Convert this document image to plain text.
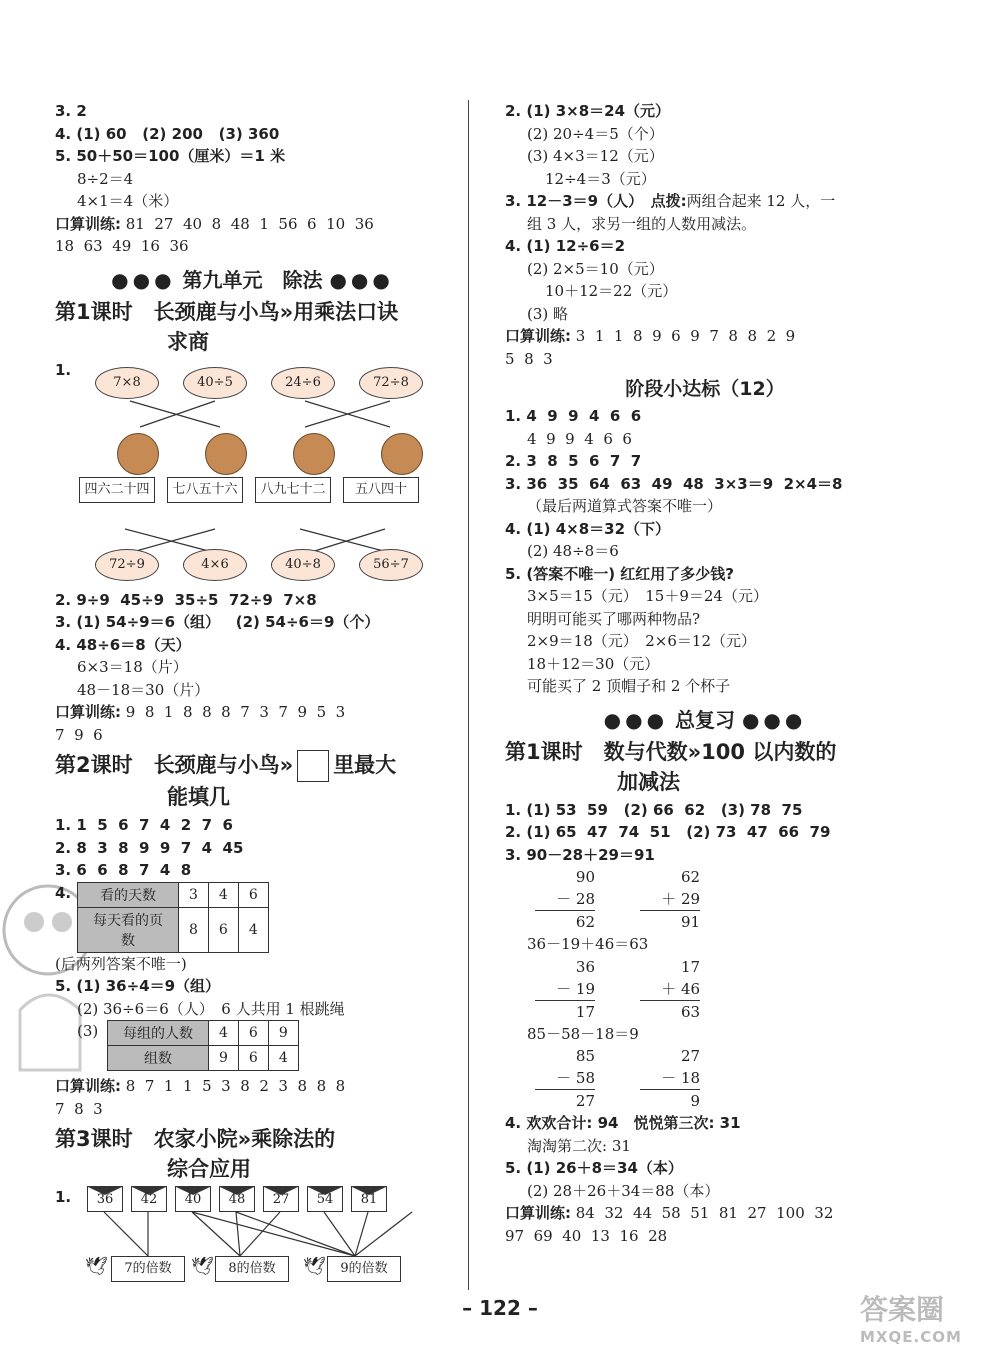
3. 2
4. (1) 60   (2) 200   (3) 360
5. 50＋50＝100（厘米）＝1 米
8÷2＝4
4×1＝4（米）
口算训练: 81  27  40  8  48  1  56  6  10  36
18  63  49  16  36
●●● 第九单元　除法 ●●●
第1课时　长颈鹿与小鸟»用乘法口诀
求商
1.
7×8	40÷5	24÷6	72÷8
四六二十四	七八五十六	八九七十二	五八四十
72÷9	4×6	40÷8	56÷7
2. 9÷9  45÷9  35÷5  72÷9  7×8
3. (1) 54÷9＝6（组）   (2) 54÷6＝9（个）
4. 48÷6＝8（天）
6×3＝18（片）
48－18＝30（片）
口算训练: 9  8  1  8  8  8  7  3  7  9  5  3
7  9  6
第2课时　长颈鹿与小鸟» 里最大
能填几
1. 1  5  6  7  4  2  7  6
2. 8  3  8  9  9  7  4  45
3. 6  6  8  7  4  8
4.	看的天数	3	4	6
每天看的页数	8	6	4
(后两列答案不唯一)
5. (1) 36÷4＝9（组）
(2) 36÷6＝6（人）　6 人共用 1 根跳绳
(3)	每组的人数	4	6	9
组数	9	6	4
口算训练: 8  7  1  1  5  3  8  2  3  8  8  8
7  8  3
第3课时　农家小院»乘除法的
综合应用
1.	36	42	40	48	27	54	81
🕊	7的倍数	🕊	8的倍数	🕊	9的倍数
2. (1) 3×8＝24（元）
(2) 20÷4＝5（个）
(3) 4×3＝12（元）
12÷4＝3（元）
3. 12－3＝9（人）　点拨:两组合起来 12 人，一
组 3 人，求另一组的人数用减法。
4. (1) 12÷6＝2
(2) 2×5＝10（元）
10＋12＝22（元）
(3) 略
口算训练: 3  1  1  8  9  6  9  7  8  8  2  9
5  8  3
阶段小达标（12）
1. 4  9  9  4  6  6
4  9  9  4  6  6
2. 3  8  5  6  7  7
3. 36  35  64  63  49  48  3×3＝9  2×4＝8
（最后两道算式答案不唯一）
4. (1) 4×8＝32（下）
(2) 48÷8＝6
5. (答案不唯一) 红红用了多少钱?
3×5＝15（元）　15＋9＝24（元）
明明可能买了哪两种物品?
2×9＝18（元）　2×6＝12（元）
18＋12＝30（元）
可能买了 2 顶帽子和 2 个杯子
●●● 总复习 ●●●
第1课时　数与代数»100 以内数的
加减法
1. (1) 53  59   (2) 66  62   (3) 78  75
2. (1) 65  47  74  51   (2) 73  47  66  79
3. 90－28＋29＝91
90
－ 28
62

62
＋ 29
91
36－19＋46＝63
36
－ 19
17

17
＋ 46
63
85－58－18＝9
85
－ 58
27

27
－ 18
9
4. 欢欢合计: 94　悦悦第三次: 31
淘淘第二次: 31
5. (1) 26＋8＝34（本）
(2) 28＋26＋34＝88（本）
口算训练: 84  32  44  58  51  81  27  100  32
97  69  40  13  16  28
– 122 –	答案圈
MXQE.COM
